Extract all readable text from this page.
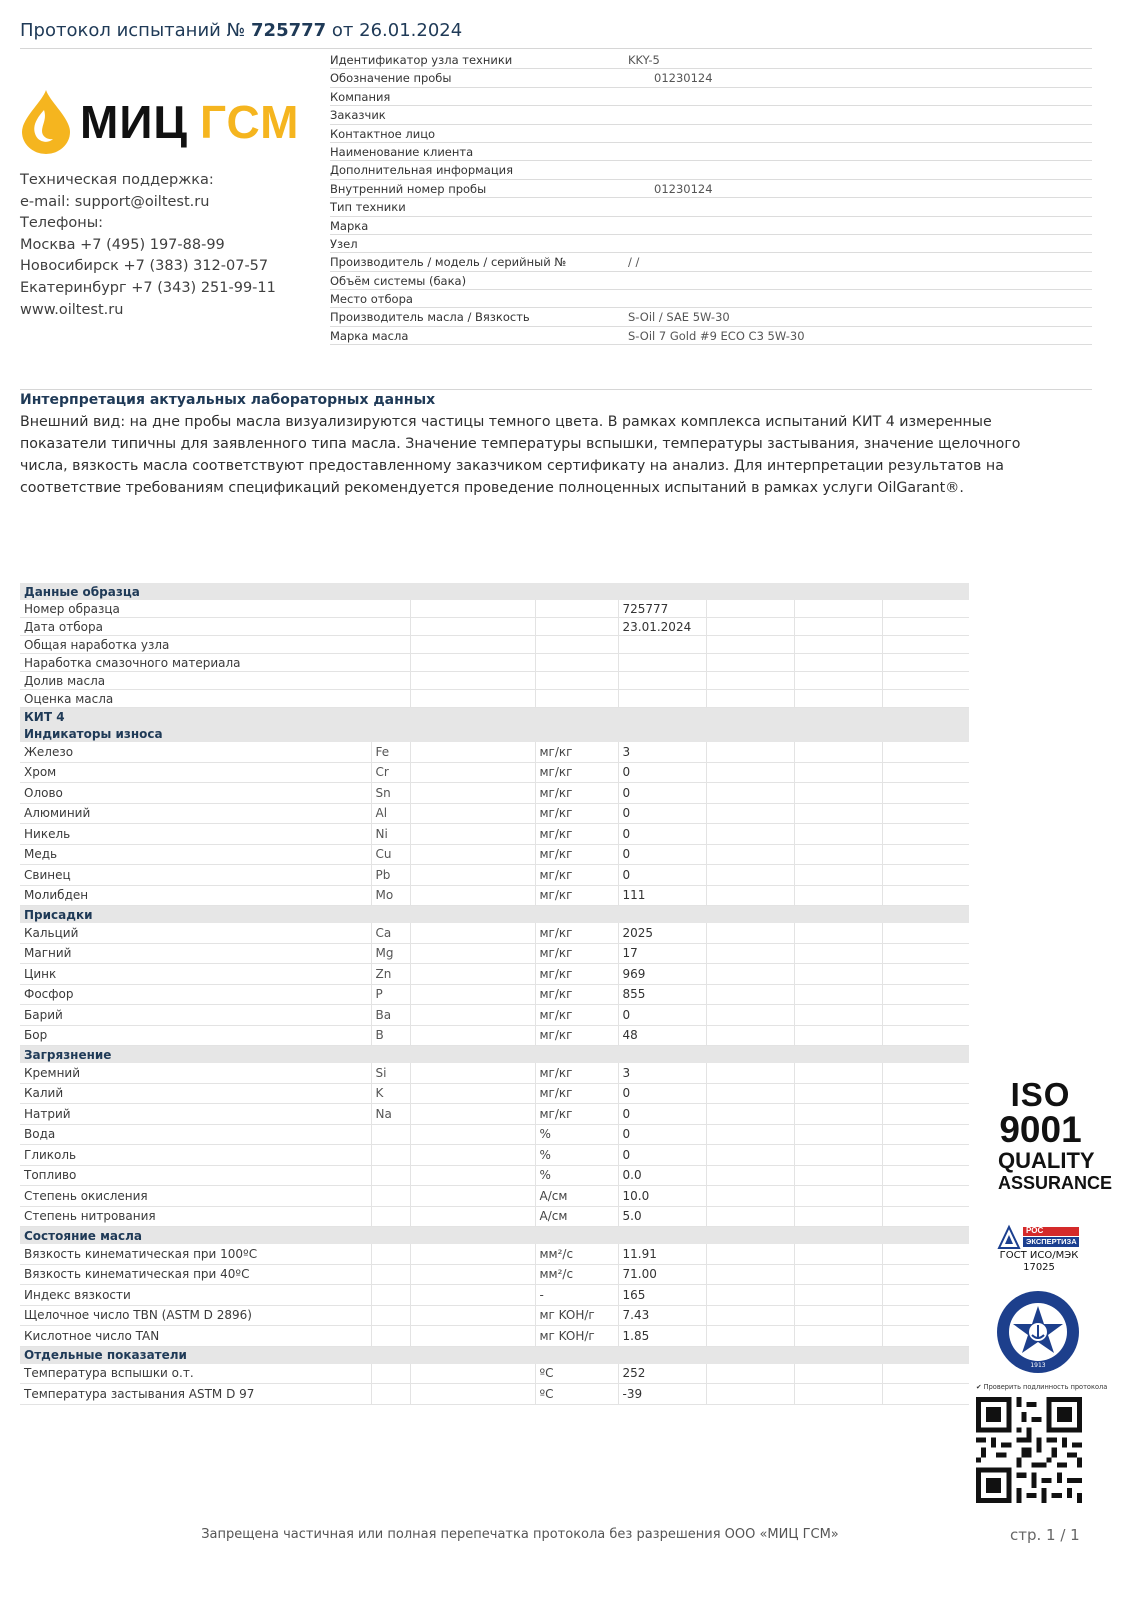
Протокол испытаний № 725777 от 26.01.2024
МИЦ ГСМ
Техническая поддержка:
e-mail: support@oiltest.ru
Телефоны:
Москва +7 (495) 197-88-99
Новосибирск +7 (383) 312-07-57
Екатеринбург +7 (343) 251-99-11
www.oiltest.ru
Идентификатор узла техники	KKY-5
Обозначение пробы	01230124
Компания
Заказчик
Контактное лицо
Наименование клиента
Дополнительная информация
Внутренний номер пробы	01230124
Тип техники
Марка
Узел
Производитель / модель / серийный №	/ /
Объём системы (бака)
Место отбора
Производитель масла / Вязкость	S-Oil / SAE 5W-30
Марка масла	S-Oil 7 Gold #9 ECO C3 5W-30
Интерпретация актуальных лабораторных данных
Внешний вид: на дне пробы масла визуализируются частицы темного цвета. В рамках комплекса испытаний КИТ 4 измеренные
показатели типичны для заявленного типа масла. Значение температуры вспышки, температуры застывания, значение щелочного
числа, вязкость масла соответствуют предоставленному заказчиком сертификату на анализ. Для интерпретации результатов на
соответствие требованиям спецификаций рекомендуется проведение полноценных испытаний в рамках услуги OilGarant®.
Данные образца							
Номер образца				725777			
Дата отбора				23.01.2024			
Общая наработка узла							
Наработка смазочного материала							
Долив масла							
Оценка масла							
КИТ 4							
Индикаторы износа							
Железо	Fe		мг/кг	3			
Хром	Cr		мг/кг	0			
Олово	Sn		мг/кг	0			
Алюминий	Al		мг/кг	0			
Никель	Ni		мг/кг	0			
Медь	Cu		мг/кг	0			
Свинец	Pb		мг/кг	0			
Молибден	Mo		мг/кг	111			
Присадки							
Кальций	Ca		мг/кг	2025			
Магний	Mg		мг/кг	17			
Цинк	Zn		мг/кг	969			
Фосфор	P		мг/кг	855			
Барий	Ba		мг/кг	0			
Бор	B		мг/кг	48			
Загрязнение							
Кремний	Si		мг/кг	3			
Калий	K		мг/кг	0			
Натрий	Na		мг/кг	0			
Вода			%	0			
Гликоль			%	0			
Топливо			%	0.0			
Степень окисления			А/см	10.0			
Степень нитрования			А/см	5.0			
Состояние масла							
Вязкость кинематическая при 100ºС			мм²/с	11.91			
Вязкость кинематическая при 40ºС			мм²/с	71.00			
Индекс вязкости			-	165			
Щелочное число TBN (ASTM D 2896)			мг KOH/г	7.43			
Кислотное число TAN			мг KOH/г	1.85			
Отдельные показатели							
Температура вспышки о.т.			ºС	252			
Температура застывания ASTM D 97			ºС	-39			
ISO
9001
QUALITY
ASSURANCE
РОС
ЭКСПЕРТИЗА
ГОСТ ИСО/МЭК
17025
1913
✔ Проверить подлинность протокола
Запрещена частичная или полная перепечатка протокола без разрешения ООО «МИЦ ГСМ»	стр. 1 / 1
